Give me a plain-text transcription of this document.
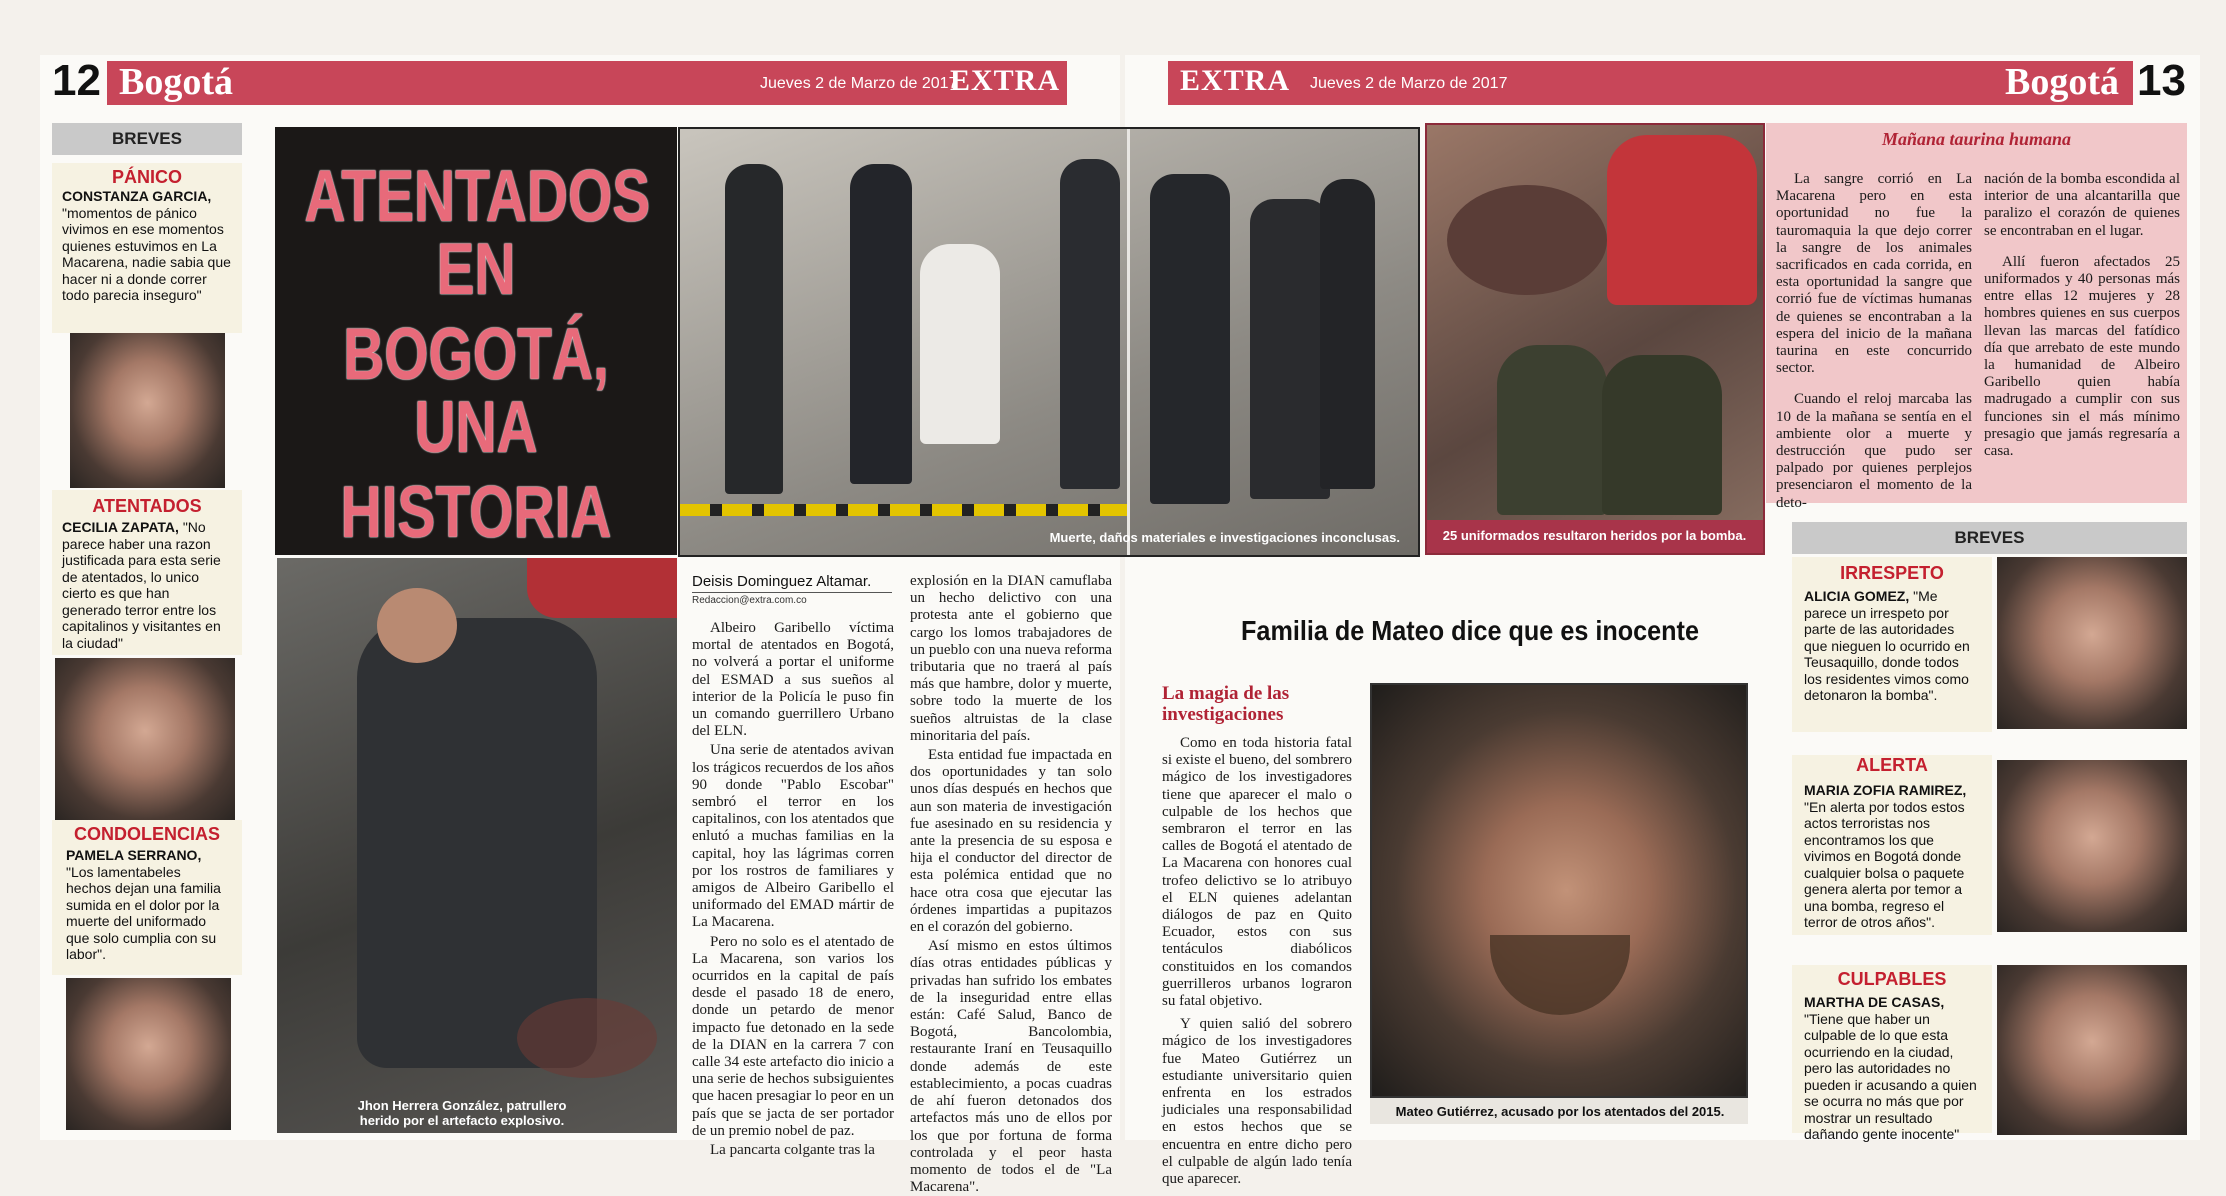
12 Bogotá	Jueves 2 de Marzo de 2017
EXTRA	EXTRA Jueves 2 de Marzo de 2017	Bogotá 13
BREVES
PÁNICO
CONSTANZA GARCIA, "momentos de pánico vivimos en ese momentos quienes estuvimos en La Macarena, nadie sabia que hacer ni a donde correr todo parecia inseguro"
ATENTADOS
CECILIA ZAPATA, "No parece haber una razon justificada para esta serie de atentados, lo unico cierto es que han generado terror entre los capitalinos y visitantes en la ciudad"
CONDOLENCIAS
PAMELA SERRANO, "Los lamentabeles hechos dejan una familia sumida en el dolor por la muerte del uniformado que solo cumplia con su labor".
ATENTADOS EN
BOGOTÁ, UNA
HISTORIA	Muerte, daños materiales e investigaciones inconclusas.
Jhon Herrera González, patrullero herido por el artefacto explosivo.
Deisis Dominguez Altamar.
Redaccion@extra.com.co

Albeiro Garibello víctima mortal de atentados en Bogotá, no volverá a portar el uniforme del ESMAD a sus sueños al interior de la Policía le puso fin un comando guerrillero Urbano del ELN.

Una serie de atentados avivan los trágicos recuerdos de los años 90 donde "Pablo Escobar" sembró el terror en los capitalinos, con los atentados que enlutó a muchas familias en la capital, hoy las lágrimas corren por los rostros de familiares y amigos de Albeiro Garibello el uniformado del EMAD mártir de La Macarena.

Pero no solo es el atentado de La Macarena, son varios los ocurridos en la capital de país desde el pasado 18 de enero, donde un petardo de menor impacto fue detonado en la sede de la DIAN en la carrera 7 con calle 34 este artefacto dio inicio a una serie de hechos subsiguientes que hacen presagiar lo peor en un país que se jacta de ser portador de un premio nobel de paz.

La pancarta colgante tras la

explosión en la DIAN camuflaba un hecho delictivo con una protesta ante el gobierno que cargo los lomos trabajadores de un pueblo con una nueva reforma tributaria que no traerá al país más que hambre, dolor y muerte, sobre todo la muerte de los sueños altruistas de la clase minoritaria del país.

Esta entidad fue impactada en dos oportunidades y tan solo unos días después en hechos que aun son materia de investigación fue asesinado en su residencia y ante la presencia de su esposa e hija el conductor del director de esta polémica entidad que no hace otra cosa que ejecutar las órdenes impartidas a pupitazos en el corazón del gobierno.

Así mismo en estos últimos días otras entidades públicas y privadas han sufrido los embates de la inseguridad entre ellas están: Café Salud, Banco de Bogotá, Bancolombia, restaurante Iraní en Teusaquillo donde además de este establecimiento, a pocas cuadras de ahí fueron detonados dos artefactos más uno de ellos por los que por fortuna de forma controlada y el peor hasta momento de todos el de "La Macarena".

25 uniformados resultaron heridos por la bomba.
Mañana taurina humana

La sangre corrió en La Macarena pero en esta oportunidad no fue la tauromaquia la que dejo correr la sangre de los animales sacrificados en cada corrida, en esta oportunidad la sangre que corrió fue de víctimas humanas de quienes se encontraban a la espera del inicio de la mañana taurina en este concurrido sector.

Cuando el reloj marcaba las 10 de la mañana se sentía en el ambiente olor a muerte y destrucción que pudo ser palpado por quienes perplejos presenciaron el momento de la deto-

nación de la bomba escondida al interior de una alcantarilla que paralizo el corazón de quienes se encontraban en el lugar.

Allí fueron afectados 25 uniformados y 40 personas más entre ellas 12 mujeres y 28 hombres quienes en sus cuerpos llevan las marcas del fatídico día que arrebato de este mundo la humanidad de Albeiro Garibello quien había madrugado a cumplir con sus funciones sin el más mínimo presagio que jamás regresaría a casa.

Familia de Mateo dice que es inocente
La magia de las investigaciones

Como en toda historia fatal si existe el bueno, del sombrero mágico de los investigadores tiene que aparecer el malo o culpable de los hechos que sembraron el terror en las calles de Bogotá el atentado de La Macarena con honores cual trofeo delictivo se lo atribuyo el ELN quienes adelantan diálogos de paz en Quito Ecuador, estos con sus tentáculos diabólicos constituidos en los comandos guerrilleros urbanos lograron su fatal objetivo.

Y quien salió del sobrero mágico de los investigadores fue Mateo Gutiérrez un estudiante universitario quien enfrenta en los estrados judiciales una responsabilidad en estos hechos que se encuentra en entre dicho pero el culpable de algún lado tenía que aparecer.

Mateo Gutiérrez, acusado por los atentados del 2015.
BREVES
IRRESPETO
ALICIA GOMEZ, "Me parece un irrespeto por parte de las autoridades que nieguen lo ocurrido en Teusaquillo, donde todos los residentes vimos como detonaron la bomba".
ALERTA
MARIA ZOFIA RAMIREZ, "En alerta por todos estos actos terroristas nos encontramos los que vivimos en Bogotá donde cualquier bolsa o paquete genera alerta por temor a una bomba, regreso el terror de otros años".
CULPABLES
MARTHA DE CASAS, "Tiene que haber un culpable de lo que esta ocurriendo en la ciudad, pero las autoridades no pueden ir acusando a quien se ocurra no más que por mostrar un resultado dañando gente inocente"
